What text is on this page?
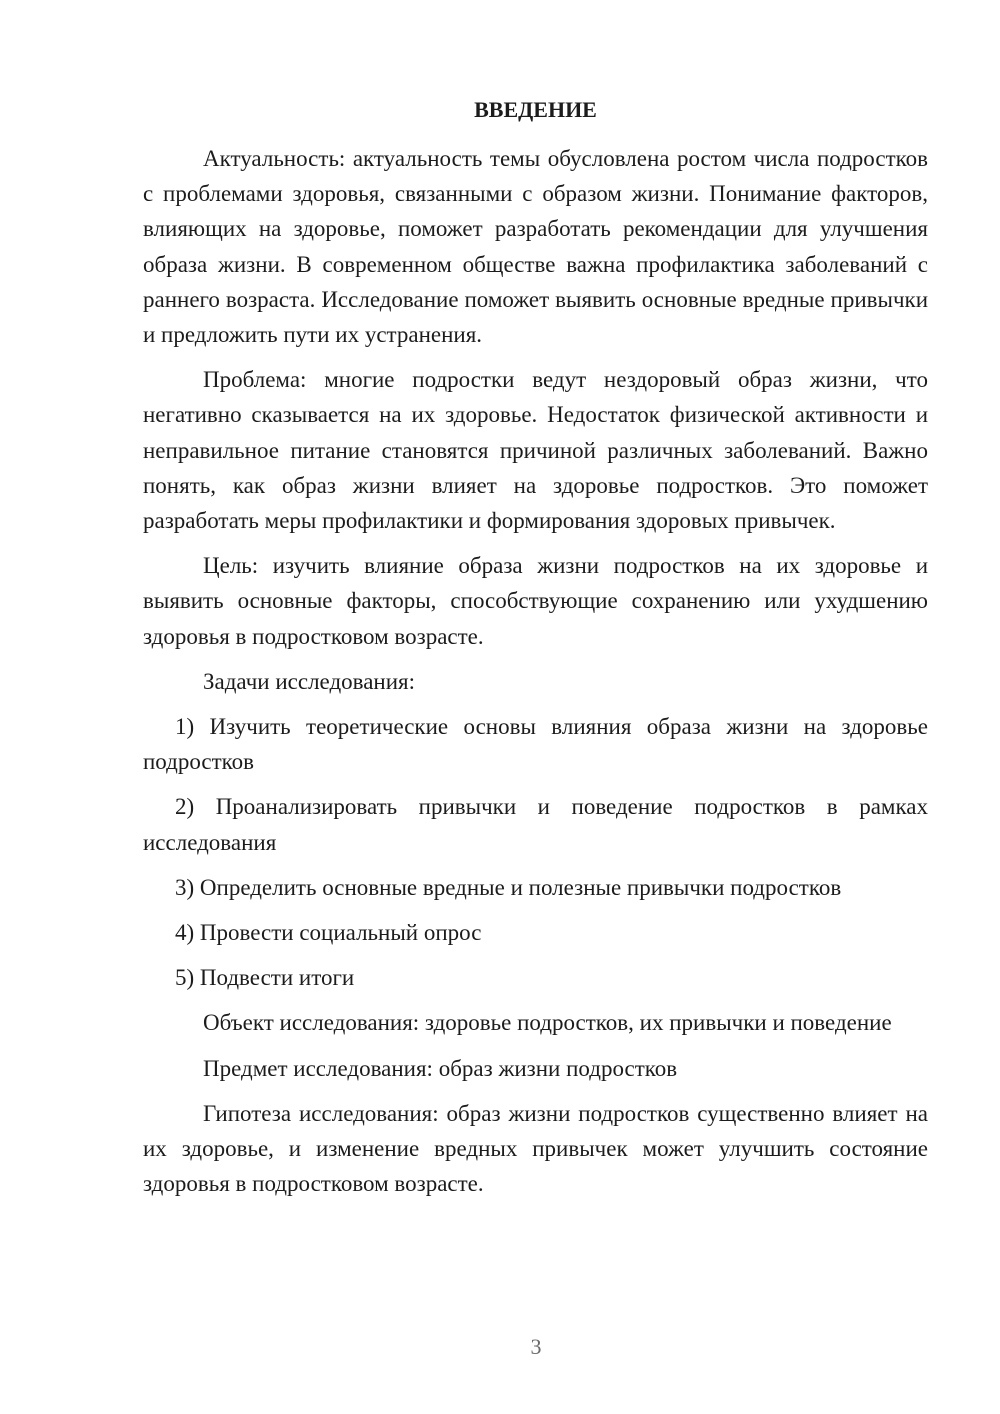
ВВЕДЕНИЕ

Актуальность: актуальность темы обусловлена ростом числа подростков с проблемами здоровья, связанными с образом жизни. Понимание факторов, влияющих на здоровье, поможет разработать рекомендации для улучшения образа жизни. В современном обществе важна профилактика заболеваний с раннего возраста. Исследование поможет выявить основные вредные привычки и предложить пути их устранения.

Проблема: многие подростки ведут нездоровый образ жизни, что негативно сказывается на их здоровье. Недостаток физической активности и неправильное питание становятся причиной различных заболеваний. Важно понять, как образ жизни влияет на здоровье подростков. Это поможет разработать меры профилактики и формирования здоровых привычек.

Цель: изучить влияние образа жизни подростков на их здоровье и выявить основные факторы, способствующие сохранению или ухудшению здоровья в подростковом возрасте.

Задачи исследования:

1) Изучить теоретические основы влияния образа жизни на здоровье подростков

2) Проанализировать привычки и поведение подростков в рамках исследования

3) Определить основные вредные и полезные привычки подростков

4) Провести социальный опрос

5) Подвести итоги

Объект исследования: здоровье подростков, их привычки и поведение

Предмет исследования: образ жизни подростков

Гипотеза исследования: образ жизни подростков существенно влияет на их здоровье, и изменение вредных привычек может улучшить состояние здоровья в подростковом возрасте.

3
